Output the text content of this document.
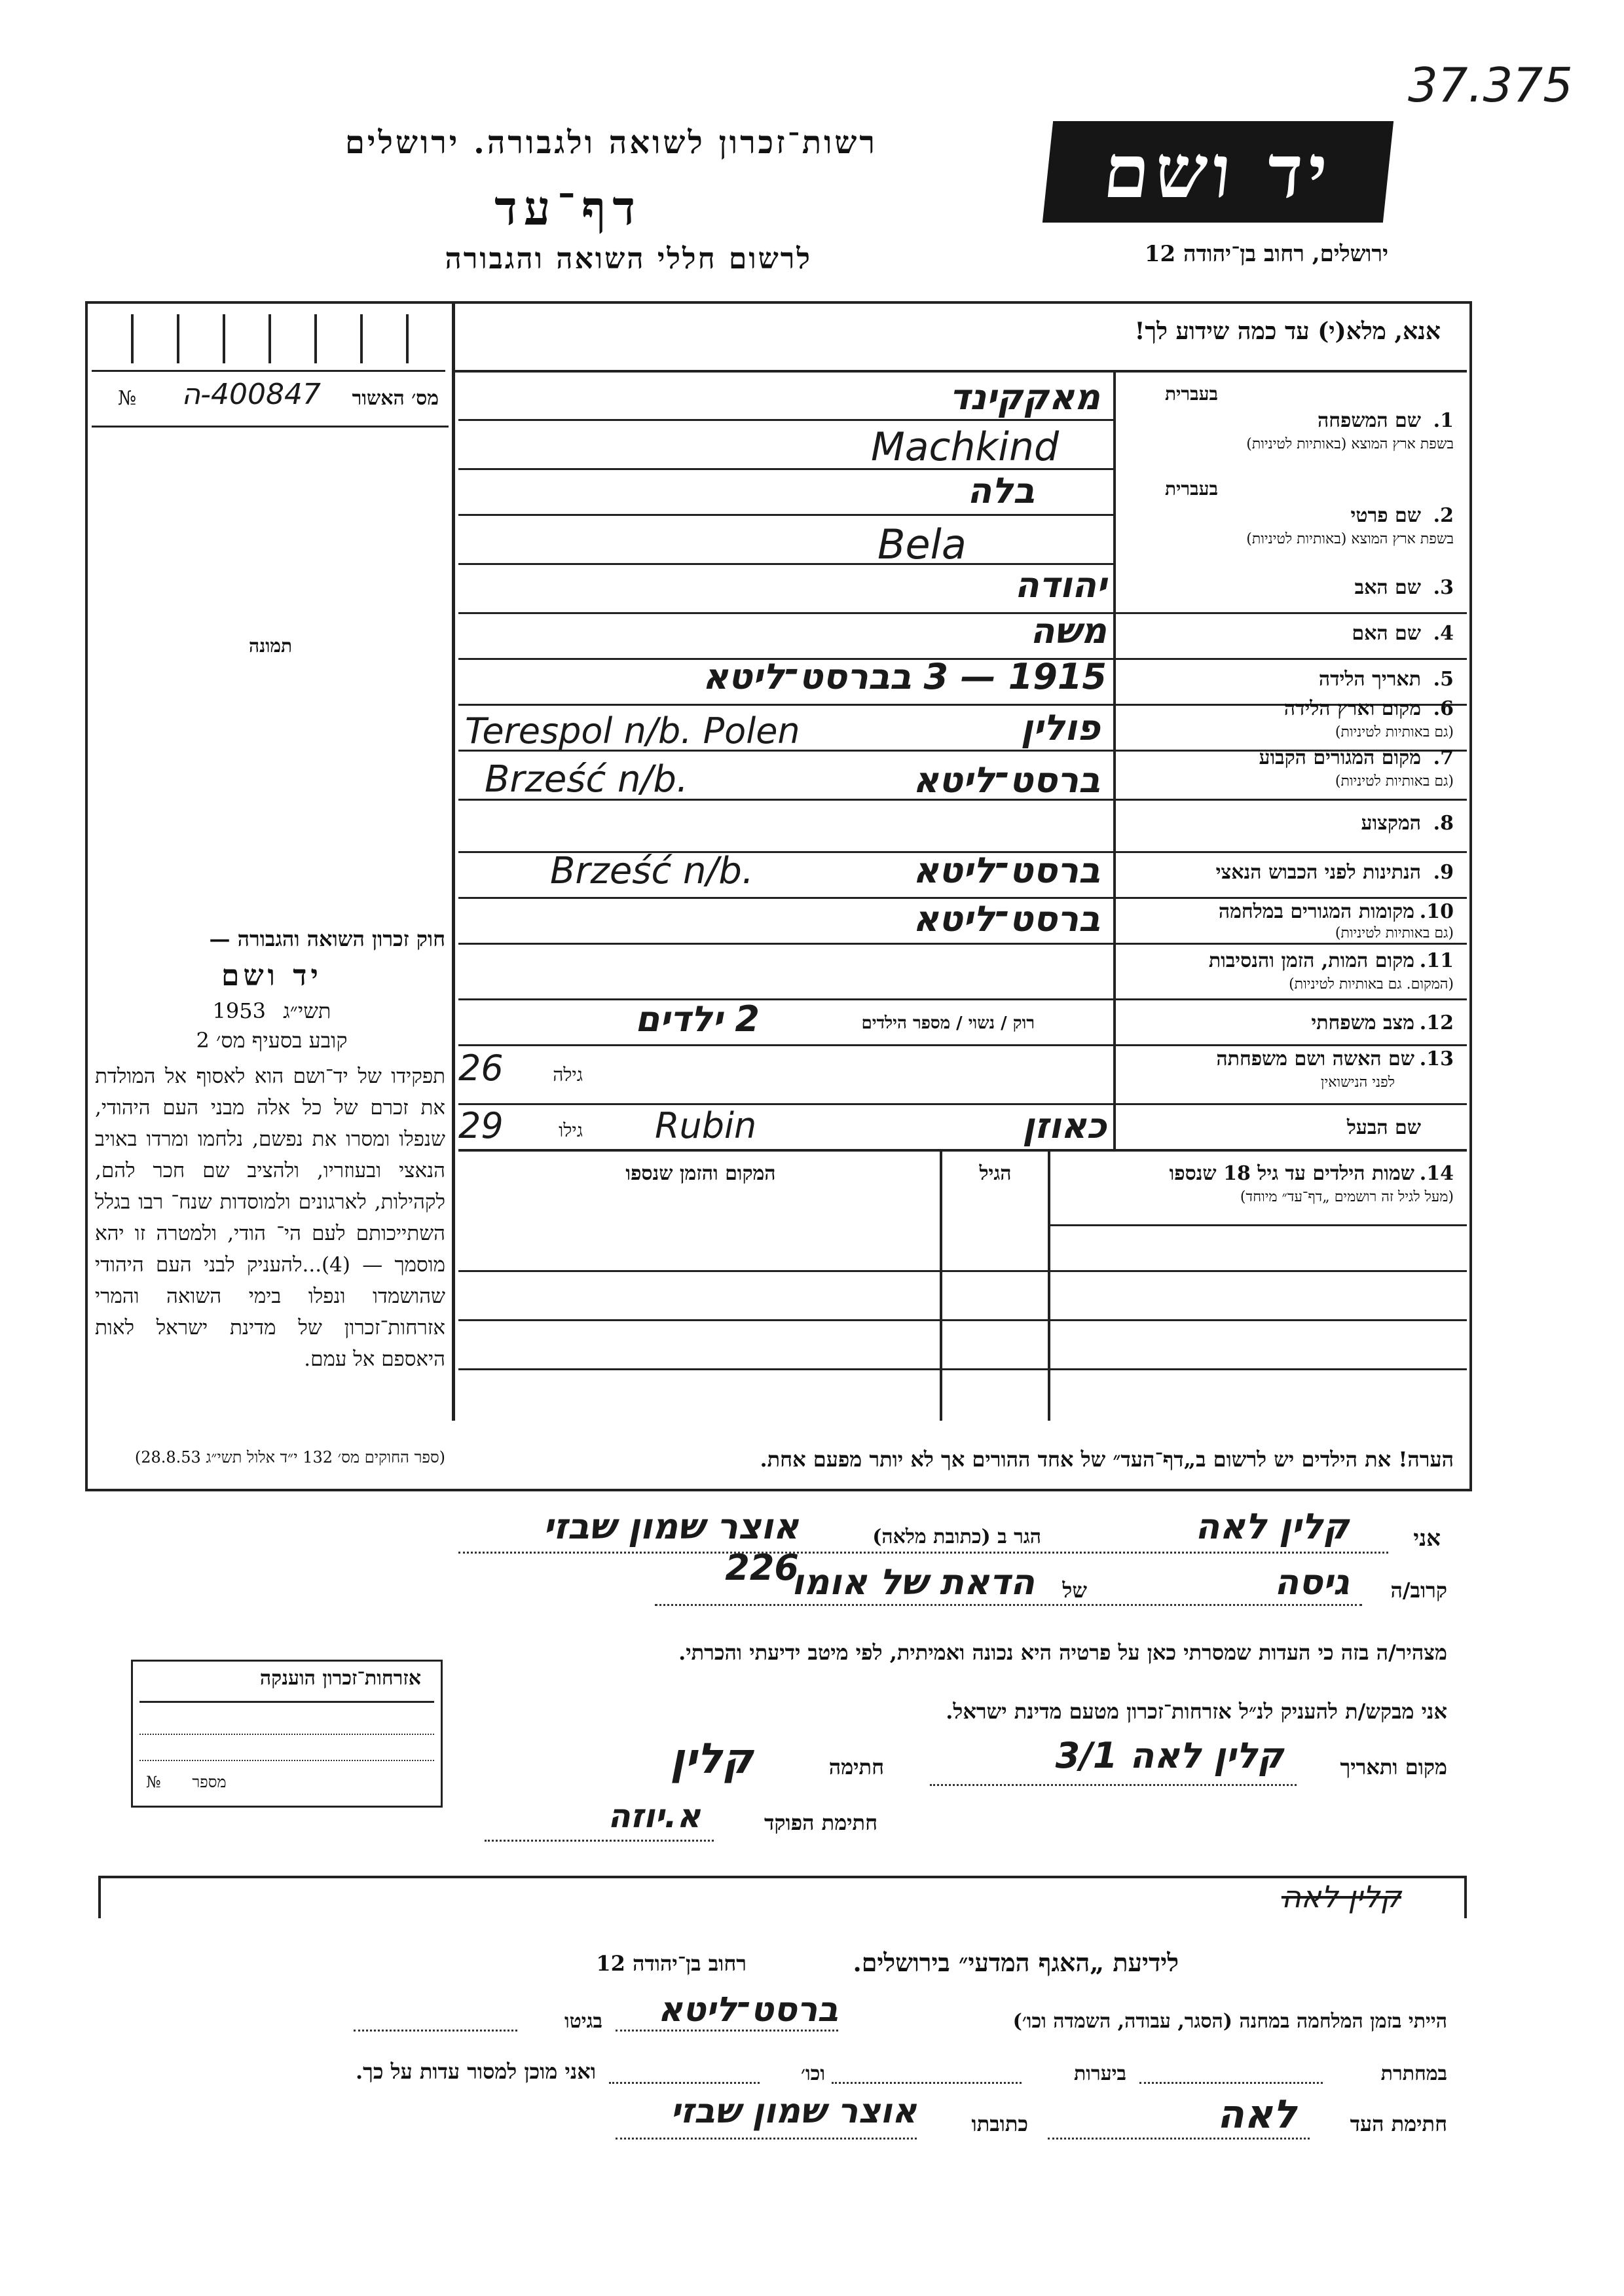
37.375
רשות־זכרון לשואה ולגבורה. ירושלים
דף־עד
לרשום חללי השואה והגבורה
יד ושם
ירושלים, רחוב בן־יהודה 12
אנא, מלא(י) עד כמה שידוע לך!
מס׳ האשור
400847-ה
№
תמונה
בעברית
1.
שם המשפחה
בשפת ארץ המוצא (באותיות לטיניות)
מאקקינד
Machkind
בעברית
2.
שם פרטי
בשפת ארץ המוצא (באותיות לטיניות)
בלה
Bela
3.
שם האב
יהודה
4.
שם האם
משה
5.
תאריך הלידה
1915 — 3 בברסט־ליטא
6.
מקום וארץ הלידה
(גם באותיות לטיניות)
פולין
Terespol n/b. Polen
7.
מקום המגורים הקבוע
(גם באותיות לטיניות)
ברסט־ליטא
Brześć n/b.
8.
המקצוע
9.
הנתינות לפני הכבוש הנאצי
ברסט־ליטא
Brześć n/b.
10.
מקומות המגורים במלחמה
(גם באותיות לטיניות)
ברסט־ליטא
11.
מקום המות, הזמן והנסיבות
(המקום. גם באותיות לטיניות)
12.
מצב משפחתי
רוק / נשוי / מספר הילדים
2 ילדים
13.
שם האשה ושם משפחתה
לפני הנישואין
גילה
26
שם הבעל
כאוזן
Rubin
גילו
29
14.
שמות הילדים עד גיל 18 שנספו
(מעל לגיל זה רושמים „דף־עד״ מיוחד)
הגיל
המקום והזמן שנספו
חוק זכרון השואה והגבורה —
יד ושם
1953 תשי״ג
קובע בסעיף מס׳ 2
תפקידו של יד־ושם הוא לאסוף אל המולדת את זכרם של כל אלה מבני העם היהודי, שנפלו ומסרו את נפשם, נלחמו ומרדו באויב הנאצי ובעוזריו, ולהציב שם חכר להם, לקהילות, לארגונים ולמוסדות שנח־ רבו בגלל השתייכותם לעם הי־ הודי, ולמטרה זו יהא מוסמך — (4)...להעניק לבני העם היהודי שהושמדו ונפלו בימי השואה והמרי אזרחות־זכרון של מדינת ישראל לאות היאספם אל עמם.
(ספר החוקים מס׳ 132 י״ד אלול תשי״ג 28.8.53)	הערה! את הילדים יש לרשום ב„דף־העד״ של אחד ההורים אך לא יותר מפעם אחת.
אני
קלין לאה
הגר ב (כתובת מלאה)
אוצר שמון שבזי 226
קרוב/ה
גיסה
של
הדאת של אומו
מצהיר/ה בזה כי העדות שמסרתי כאן על פרטיה היא נכונה ואמיתית, לפי מיטב ידיעתי והכרתי.
אני מבקש/ת להעניק לנ״ל אזרחות־זכרון מטעם מדינת ישראל.
מקום ותאריך
קלין לאה 3/1
חתימה
קלין
חתימת הפוקד
א.יוזה
אזרחות־זכרון הוענקה
№ מספר
קלין לאה
לידיעת „האגף המדעי״ בירושלים.
רחוב בן־יהודה 12
הייתי בזמן המלחמה במחנה (הסגר, עבודה, השמדה וכו׳)
ברסט־ליטא
בגיטו
במחתרת
ביערות
וכו׳
ואני מוכן למסור עדות על כך.
חתימת העד
לאה
כתובתו
אוצר שמון שבזי
